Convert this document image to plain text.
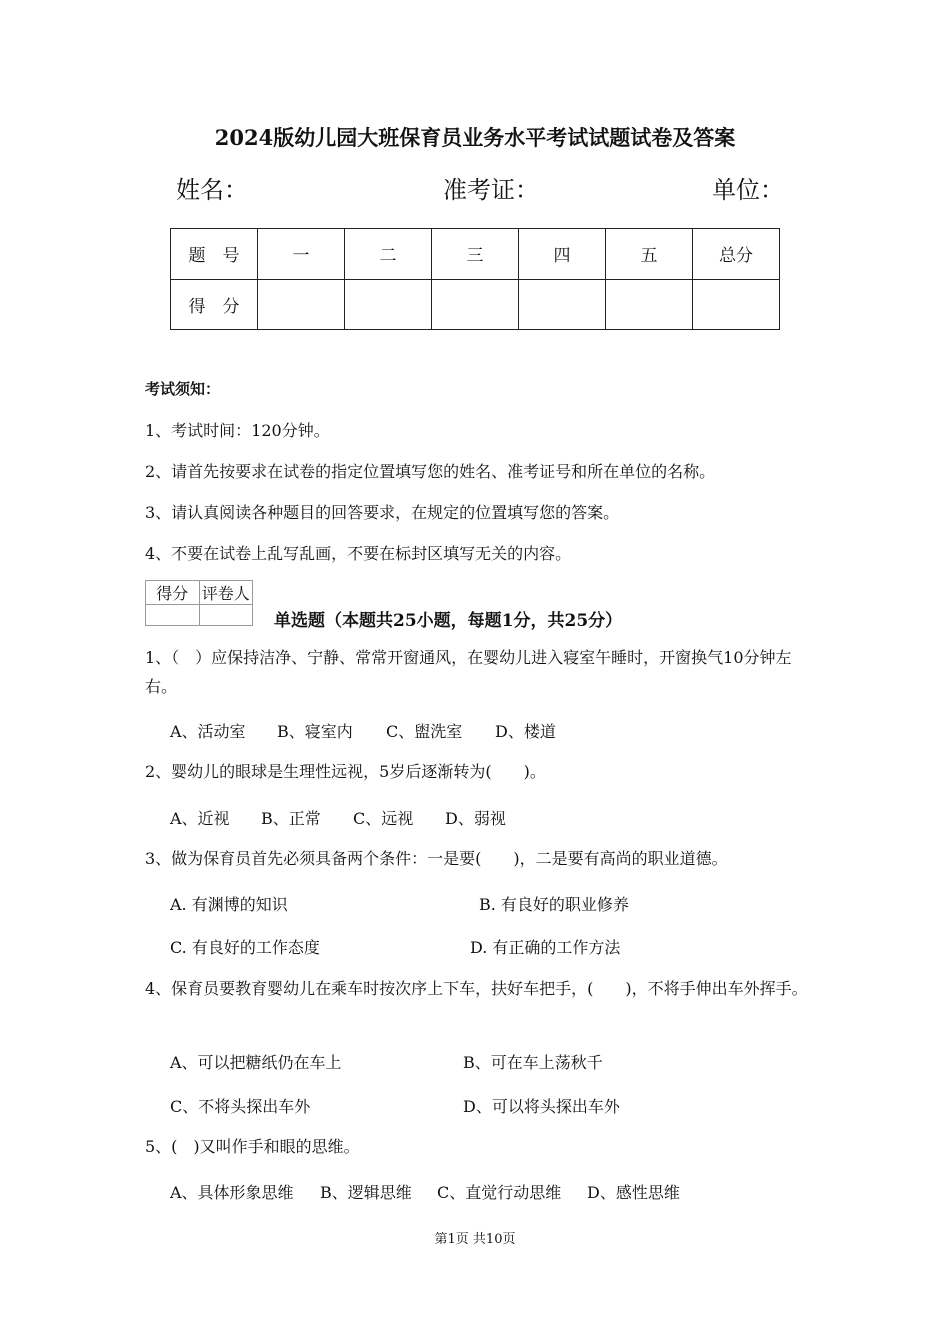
2024版幼儿园大班保育员业务水平考试试题试卷及答案
姓名：	准考证：	单位：
题　号	一	二	三	四	五	总分
得　分						
考试须知：
1、考试时间：120分钟。
2、请首先按要求在试卷的指定位置填写您的姓名、准考证号和所在单位的名称。
3、请认真阅读各种题目的回答要求，在规定的位置填写您的答案。
4、不要在试卷上乱写乱画，不要在标封区填写无关的内容。
得分	评卷人

单选题（本题共25小题，每题1分，共25分）
1、（　）应保持洁净、宁静、常常开窗通风，在婴幼儿进入寝室午睡时，开窗换气10分钟左右。
A、活动室 B、寝室内 C、盥洗室 D、楼道
2、婴幼儿的眼球是生理性远视，5岁后逐渐转为(　　)。
A、近视 B、正常 C、远视 D、弱视
3、做为保育员首先必须具备两个条件：一是要(　　)，二是要有高尚的职业道德。
A. 有渊博的知识	B. 有良好的职业修养
C. 有良好的工作态度	D. 有正确的工作方法
4、保育员要教育婴幼儿在乘车时按次序上下车，扶好车把手，(　　)，不将手伸出车外挥手。
A、可以把糖纸仍在车上	B、可在车上荡秋千
C、不将头探出车外	D、可以将头探出车外
5、(　)又叫作手和眼的思维。
A、具体形象思维 B、逻辑思维 C、直觉行动思维 D、感性思维
第1页 共10页
